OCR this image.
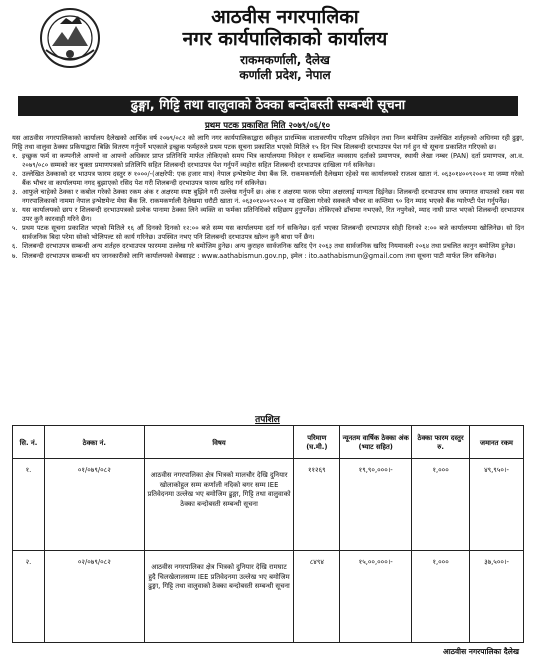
आठवीस नगरपालिका
नगर कार्यपालिकाको कार्यालय
राकमकर्णाली, दैलेख
कर्णाली प्रदेश, नेपाल
ढुङ्गा, गिट्टि तथा वालुवाको ठेक्का बन्दोबस्ती सम्बन्धी सूचना
प्रथम पटक प्रकाशित मिति २०७९/०६/१०

यस आठवीस नगरपालिकाको कार्यालय दैलेखको आर्थिक वर्ष २०७९/०८२ को लागि नगर कार्यपालिकाद्वारा स्वीकृत प्रारम्भिक वातावरणीय परिक्षण प्रतिवेदन तथा निम्न बमोजिम उल्लेखित शर्तहरुको अधिनमा रही ढुङ्गा, गिट्टि तथा वालुवा ठेक्का प्रकियाद्वारा बिक्रि वितरण गर्नुपर्ने भएकाले इच्छुक फर्महरुले प्रथम पटक सूचना प्रकाशित भएको मितिले १५ दिन भित्र शिलबन्दी दरभाउपत्र पेश गर्न हुन यो सूचना प्रकाशित गरिएको छ।

१. इच्छुक फर्म वा कम्पनीले आफ्नो वा आफ्नो अधिकार प्राप्त प्रतिनिधि मार्फत तोकिएको समय भित्र कार्यालयमा निवेदन र सम्बन्धित व्यवसाय दर्ताको प्रमाणपत्र, स्थायी लेखा नम्बर (PAN) दर्ता प्रमाणपत्र, आ.व. २०७९/०८० सम्मको कर चुक्ता प्रमाणपत्रको प्रतिलिपि सहित शिलबन्दी दरभाउपत्र पेश गर्नुपर्ने व्यहोरा सहित शिलबन्दी दरभाउपत्र दाखिला गर्न सकिनेछ।
२. उल्लेखित ठेक्काको दर भाउपत्र फारम दस्तुर रु १०००/-(अक्षरेपी: एक हजार मात्र) नेपाल इन्भेष्टमेन्ट मेघा बैंक लि. राकमकर्णाली दैलेखमा रहेको यस कार्यालयको राजश्व खाता नं. ०६३०१४००९२००१ मा जम्मा गरेको बैंक भौचर वा कार्यालयमा नगद बुझाएको रसिद पेश गरी शिलबन्दी दरभाउपत्र फारम खरिद गर्न सकिनेछ।
३. आफुले चाहेको ठेक्का र कबोल गरेको ठेक्का रकम अंक र अक्षरमा स्पष्ट बुझिने गरी उल्लेख गर्नुपर्ने छ। अंक र अक्षरमा फरक परेमा अक्षरलाई मान्यता दिईनेछ। शिलबन्दी दरभाउपत्र साथ जमानत वापतको रकम यस नगरपालिकाको नाममा नेपाल इन्भेष्टमेन्ट मेघा बैंक लि. राकमकर्णाली दैलेखमा धरौटी खाता नं. ०६३०१४००९२००१ मा दाखिला गरेको सक्कलै भौचर वा कम्तिमा ९० दिन म्याद भएको बैंक ग्यारेण्टी पेश गर्नुपर्नेछ।
४. यस कार्यालयको छाप र शिलबन्दी दरभाउपत्रको प्रत्येक पानामा ठेक्का लिने व्यक्ति वा फर्मका प्रतिनिधिको सहिछाप हुनुपर्नेछ। तोकिएको ढाँचामा नभएको, रित नपुगेको, म्याद नाघी प्राप्त भएको शिलबन्दी दरभाउपत्र उपर कुनै कारवाही गरिने छैन।
५. प्रथम पटक सूचना प्रकाशित भएको मितिले १६ औं दिनको दिनको १२:०० बजे सम्म यस कार्यालयमा दर्ता गर्न सकिनेछ। दर्ता भएका शिलबन्दी दरभाउपत्र सोही दिनको २:०० बजे कार्यालयमा खोलिनेछ। सो दिन सार्वजनिक बिदा परेमा सोको भोलिपल्ट सो कार्य गरिनेछ। उपस्थित नभए पनि शिलबन्दी दरभाउपत्र खोल्न कुनै बाधा पर्ने छैन।
६. शिलबन्दी दरभाउपत्र सम्बन्धी अन्य शर्तहरु दरभाउपत्र फारममा उल्लेख गरे बमोजिम हुनेछ। अन्य कुराहरु सार्वजनिक खरिद ऐन २०६३ तथा सार्वजनिक खरिद नियमावली २०६४ तथा प्रचलित कानुन बमोजिम हुनेछ।
७. शिलबन्दी दरभाउपत्र सम्बन्धी थप जानकारीको लागि कार्यालयको वेबसाइट : www.aathabismun.gov.np, इमेल : ito.aathabismun@gmail.com तथा सूचना पाटी मार्फत लिन सकिनेछ।
तपशिल
सि. नं.	ठेक्का नं.	विषय	परिमाण (घ.मी.)	न्यूनतम वार्षिक ठेक्का अंक (भ्याट सहित)	ठेक्का फारम दस्तुर रु.	जमानत रकम
१.	०१/०७९/०८२	आठवीस नगरपालिका क्षेत्र भित्रको मालचौर देखि दुनियार खोलाकोहुल सम्म कर्णाली नदिको बगर सम्म IEE प्रतिवेदनमा उल्लेख भए बमोजिम ढुङ्गा, गिट्टि तथा वालुवाको ठेक्का बन्दोबस्ती सम्बन्धी सूचना	११२६९	१९,९०,०००।-	१,०००	४९,९५०।-
२.	०२/०७९/०८२	आठवीस नगरपालिका क्षेत्र भित्रको दुनियार देखि रामघाट हुदै चिलखेलालसम्म IEE प्रतिवेदनमा उल्लेख भए बमोजिम ढुङ्गा, गिट्टि तथा वालुवाको ठेक्का बन्दोबस्ती सम्बन्धी सूचना	८४९४	१५,००,०००।-	१,०००	३७,५००।-
आठवीस नगरपालिका दैलेख
